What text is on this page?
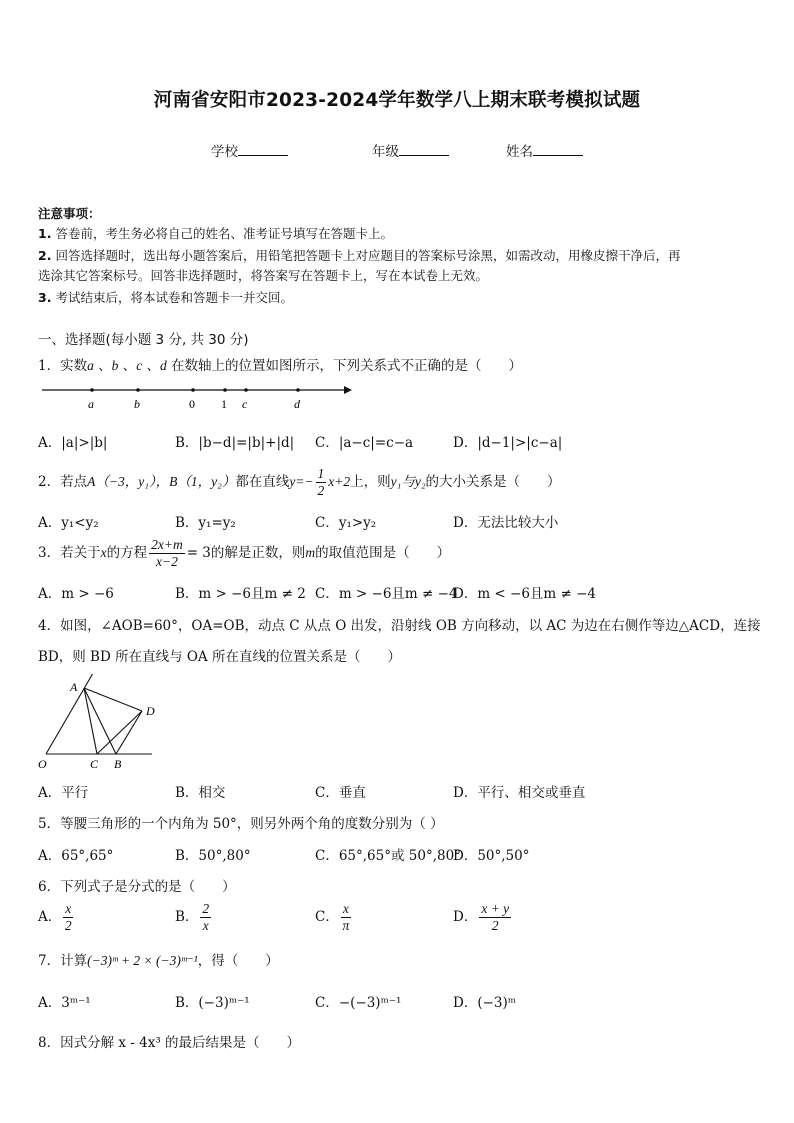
河南省安阳市2023-2024学年数学八上期末联考模拟试题
学校	年级	姓名
注意事项：
1. 答卷前，考生务必将自己的姓名、准考证号填写在答题卡上。
2. 回答选择题时，选出每小题答案后，用铅笔把答题卡上对应题目的答案标号涂黑，如需改动，用橡皮擦干净后，再
选涂其它答案标号。回答非选择题时，将答案写在答题卡上，写在本试卷上无效。
3. 考试结束后，将本试卷和答题卡一并交回。
一、选择题(每小题 3 分, 共 30 分)
1．实数a 、b 、c 、d 在数轴上的位置如图所示，下列关系式不正确的是（　　）
a	b	0 1 c	d
A．|a|>|b|	B．|b−d|=|b|+|d| C．|a−c|=c−a	D．|d−1|>|c−a|
2．若点A（−3，y₁），B（1，y₂）都在直线$y=- \frac{1}{2} x+2$上，则y₁与y₂的大小关系是（　　）
A．y₁<y₂	B．y₁=y₂	C．y₁>y₂	D．无法比较大小
3．若关于x的方程 $\frac{2x+m}{x-2} = 3$的解是正数，则m的取值范围是（　　）
A．m > −6	B．m > −6且m ≠ 2 C．m > −6且m ≠ −4
D．m < −6且m ≠ −4
4．如图，∠AOB=60°，OA=OB，动点 C 从点 O 出发，沿射线 OB 方向移动，以 AC 为边在右侧作等边△ACD，连接
BD，则 BD 所在直线与 OA 所在直线的位置关系是（　　）
A
D
O	C B
A．平行	B．相交	C．垂直	D．平行、相交或垂直
5．等腰三角形的一个内角为 50°，则另外两个角的度数分别为（ ）
A．65°,65°	B．50°,80°	C．65°,65°或 50°,80°
D．50°,50°
6．下列式子是分式的是（　　）
A． $\frac{x}{2}$	B． $\frac{2}{x}$	C． $\frac{x}{\pi}$	D． $\frac{x + y}{2}$
7．计算(−3)ᵐ + 2 × (−3)ᵐ⁻¹，得（　　）
A．3ᵐ⁻¹	B．(−3)ᵐ⁻¹	C．−(−3)ᵐ⁻¹	D．(−3)ᵐ
8．因式分解 x - 4x³ 的最后结果是（　　）
